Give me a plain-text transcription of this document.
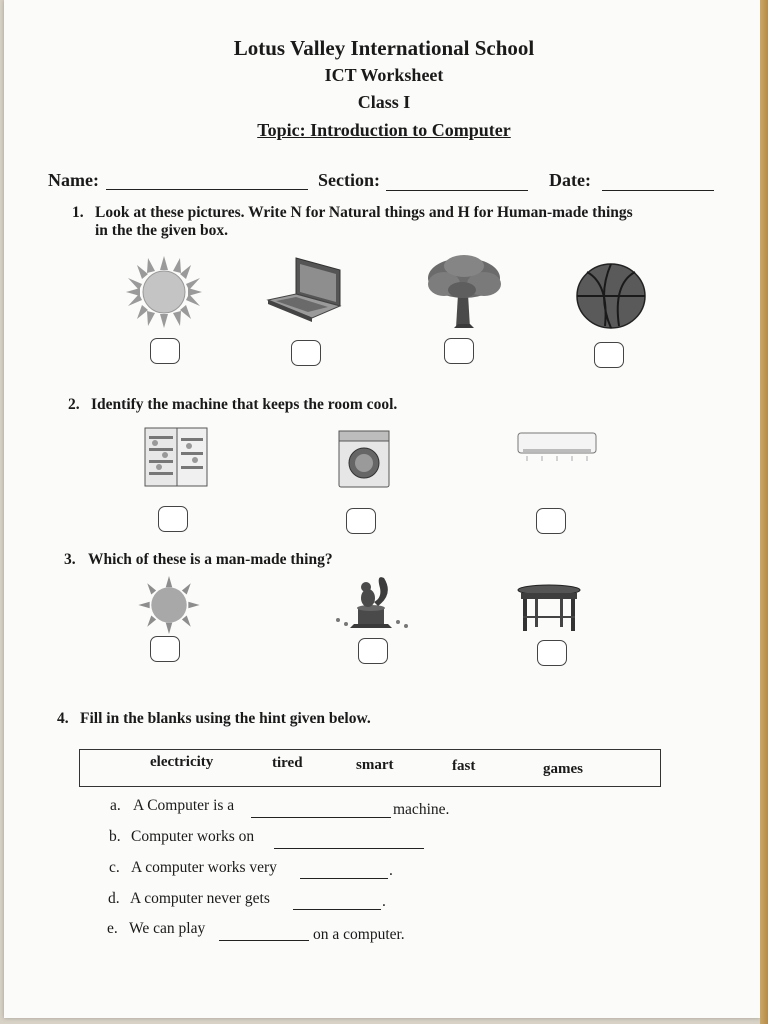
Lotus Valley International School
ICT Worksheet
Class I
Topic: Introduction to Computer
Name:	Section:	Date:
1. Look at these pictures. Write N for Natural things and H for Human-made things
in the the given box.
2. Identify the machine that keeps the room cool.
3. Which of these is a man-made thing?
4. Fill in the blanks using the hint given below.
electricity	tired	smart	fast	games
a. A Computer is a	machine.
b. Computer works on
c. A computer works very	.
d. A computer never gets	.
e. We can play	on a computer.
